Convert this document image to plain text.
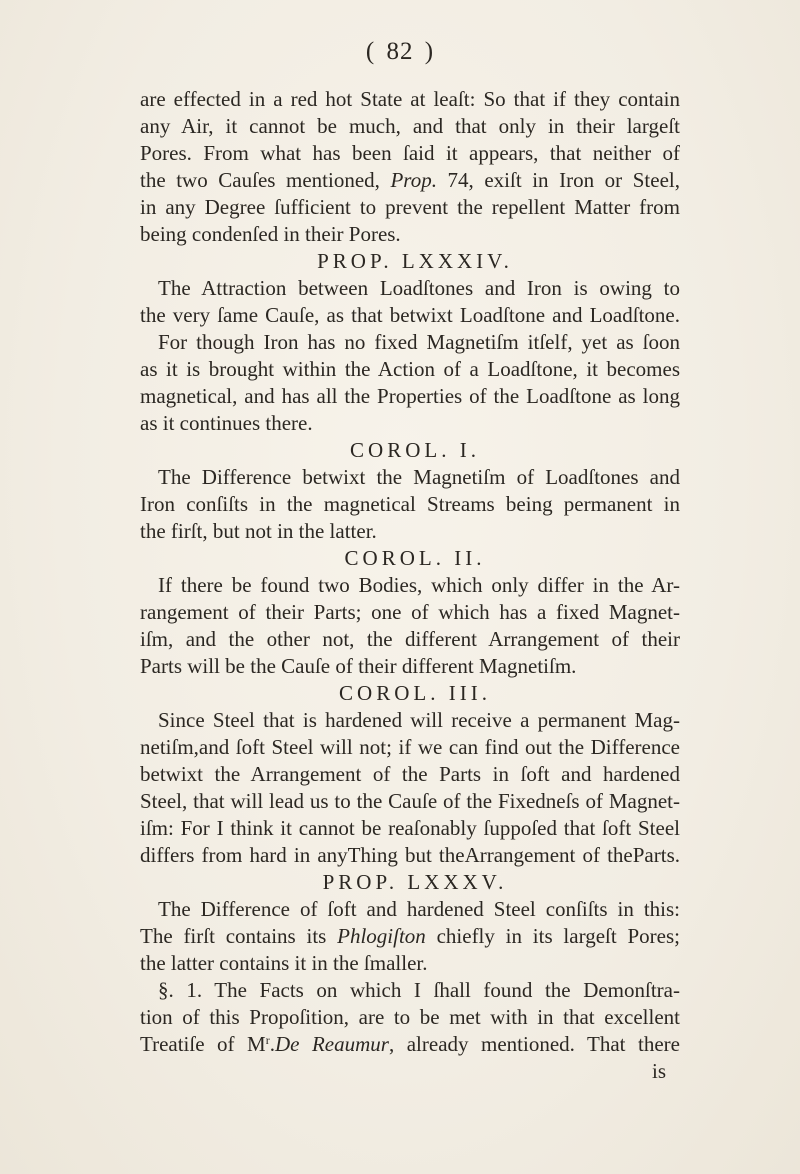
( 82 )
are effected in a red hot State at leaſt: So that if they contain
any Air, it cannot be much, and that only in their largeſt
Pores. From what has been ſaid it appears, that neither of
the two Cauſes mentioned, Prop. 74, exiſt in Iron or Steel,
in any Degree ſufficient to prevent the repellent Matter from
being condenſed in their Pores.
PROP. LXXXIV.
The Attraction between Loadſtones and Iron is owing to
the very ſame Cauſe, as that betwixt Loadſtone and Loadſtone.
For though Iron has no fixed Magnetiſm itſelf, yet as ſoon
as it is brought within the Action of a Loadſtone, it becomes
magnetical, and has all the Properties of the Loadſtone as long
as it continues there.
COROL. I.
The Difference betwixt the Magnetiſm of Loadſtones and
Iron conſiſts in the magnetical Streams being permanent in
the firſt, but not in the latter.
COROL. II.
If there be found two Bodies, which only differ in the Ar-
rangement of their Parts; one of which has a fixed Magnet-
iſm, and the other not, the different Arrangement of their
Parts will be the Cauſe of their different Magnetiſm.
COROL. III.
Since Steel that is hardened will receive a permanent Mag-
netiſm,and ſoft Steel will not; if we can find out the Difference
betwixt the Arrangement of the Parts in ſoft and hardened
Steel, that will lead us to the Cauſe of the Fixedneſs of Magnet-
iſm: For I think it cannot be reaſonably ſuppoſed that ſoft Steel
differs from hard in anyThing but theArrangement of theParts.
PROP. LXXXV.
The Difference of ſoft and hardened Steel conſiſts in this:
The firſt contains its Phlogiſton chiefly in its largeſt Pores;
the latter contains it in the ſmaller.
§. 1. The Facts on which I ſhall found the Demonſtra-
tion of this Propoſition, are to be met with in that excellent
Treatiſe of $M^r.De$ Reaumur, already mentioned. That there
is
